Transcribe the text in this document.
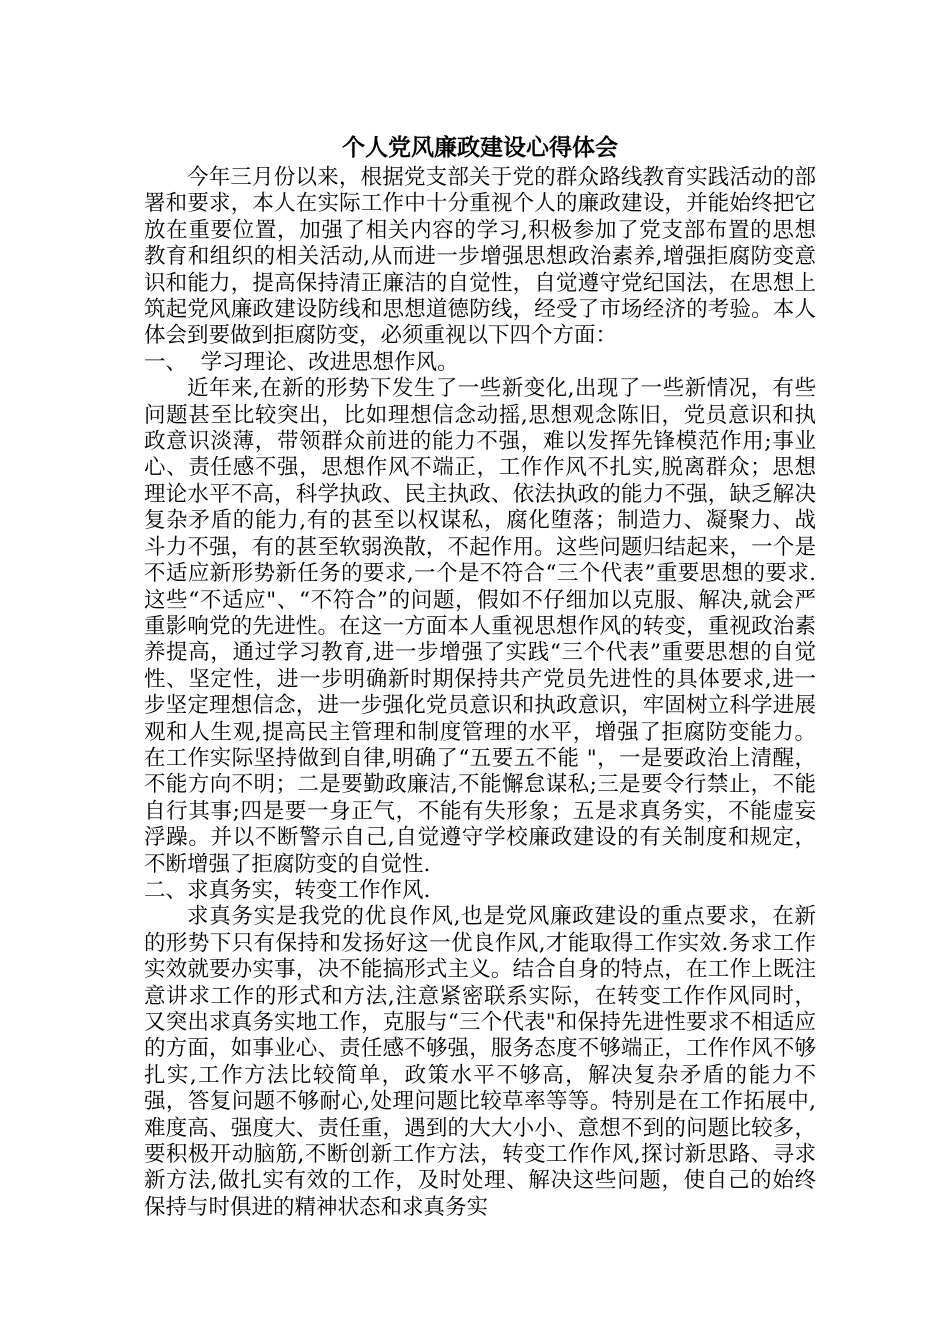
个人党风廉政建设心得体会

今年三月份以来，根据党支部关于党的群众路线教育实践活动的部署和要求，本人在实际工作中十分重视个人的廉政建设，并能始终把它放在重要位置，加强了相关内容的学习,积极参加了党支部布置的思想教育和组织的相关活动,从而进一步增强思想政治素养,增强拒腐防变意识和能力，提高保持清正廉洁的自觉性，自觉遵守党纪国法，在思想上筑起党风廉政建设防线和思想道德防线，经受了市场经济的考验。本人体会到要做到拒腐防变，必须重视以下四个方面：

一、  学习理论、改进思想作风。

近年来,在新的形势下发生了一些新变化,出现了一些新情况，有些问题甚至比较突出，比如理想信念动摇,思想观念陈旧，党员意识和执政意识淡薄，带领群众前进的能力不强，难以发挥先锋模范作用;事业心、责任感不强，思想作风不端正，工作作风不扎实,脱离群众；思想理论水平不高，科学执政、民主执政、依法执政的能力不强，缺乏解决复杂矛盾的能力,有的甚至以权谋私，腐化堕落；制造力、凝聚力、战斗力不强，有的甚至软弱涣散，不起作用。这些问题归结起来，一个是不适应新形势新任务的要求,一个是不符合“三个代表”重要思想的要求.这些“不适应"、“不符合”的问题，假如不仔细加以克服、解决,就会严重影响党的先进性。在这一方面本人重视思想作风的转变，重视政治素养提高，通过学习教育,进一步增强了实践“三个代表”重要思想的自觉性、坚定性，进一步明确新时期保持共产党员先进性的具体要求,进一步坚定理想信念，进一步强化党员意识和执政意识，牢固树立科学进展观和人生观,提高民主管理和制度管理的水平，增强了拒腐防变能力。在工作实际坚持做到自律,明确了“五要五不能 "，一是要政治上清醒，不能方向不明；二是要勤政廉洁,不能懈怠谋私;三是要令行禁止，不能自行其事;四是要一身正气，不能有失形象；五是求真务实，不能虚妄浮躁。并以不断警示自己,自觉遵守学校廉政建设的有关制度和规定，不断增强了拒腐防变的自觉性.

二、求真务实，转变工作作风.

求真务实是我党的优良作风,也是党风廉政建设的重点要求，在新的形势下只有保持和发扬好这一优良作风,才能取得工作实效.务求工作实效就要办实事，决不能搞形式主义。结合自身的特点，在工作上既注意讲求工作的形式和方法,注意紧密联系实际，在转变工作作风同时，又突出求真务实地工作，克服与“三个代表"和保持先进性要求不相适应的方面，如事业心、责任感不够强，服务态度不够端正，工作作风不够扎实,工作方法比较简单，政策水平不够高，解决复杂矛盾的能力不强，答复问题不够耐心,处理问题比较草率等等。特别是在工作拓展中,难度高、强度大、责任重，遇到的大大小小、意想不到的问题比较多，要积极开动脑筋,不断创新工作方法，转变工作作风,探讨新思路、寻求新方法,做扎实有效的工作，及时处理、解决这些问题，使自己的始终保持与时俱进的精神状态和求真务实
